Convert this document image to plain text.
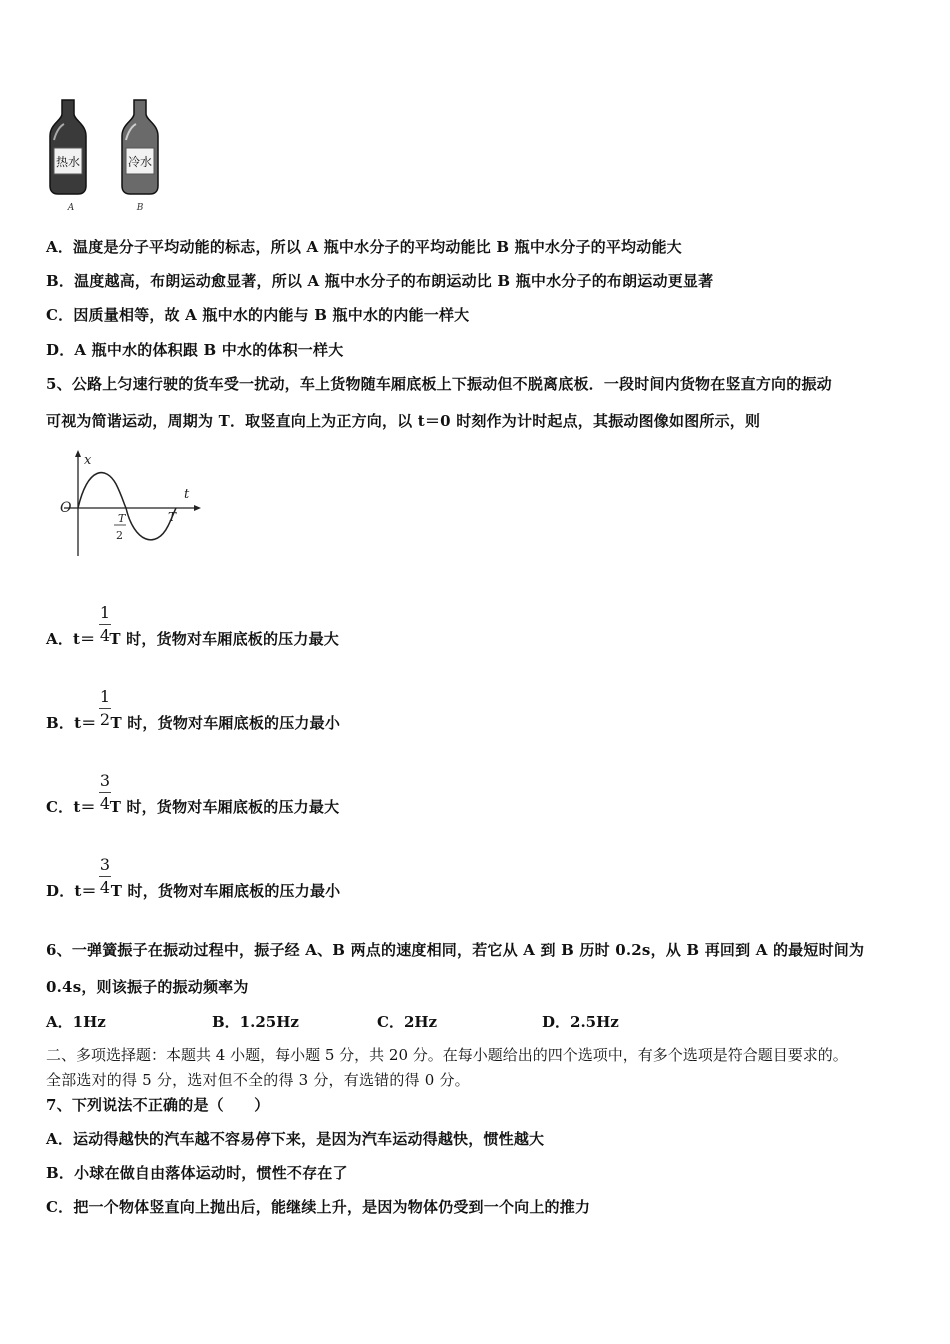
热水
A
冷水
B
A．温度是分子平均动能的标志，所以 A 瓶中水分子的平均动能比 B 瓶中水分子的平均动能大
B．温度越高，布朗运动愈显著，所以 A 瓶中水分子的布朗运动比 B 瓶中水分子的布朗运动更显著
C．因质量相等，故 A 瓶中水的内能与 B 瓶中水的内能一样大
D．A 瓶中水的体积跟 B 中水的体积一样大
5、公路上匀速行驶的货车受一扰动，车上货物随车厢底板上下振动但不脱离底板．一段时间内货物在竖直方向的振动
可视为简谐运动，周期为 T．取竖直向上为正方向，以 t＝0 时刻作为计时起点，其振动图像如图所示，则
x
t
O
T
2
T
A．t＝ T 时，货物对车厢底板的压力最大
1
4
B．t＝ T 时，货物对车厢底板的压力最小
1
2
C．t＝ T 时，货物对车厢底板的压力最大
3
4
D．t＝ T 时，货物对车厢底板的压力最小
3
4
6、一弹簧振子在振动过程中，振子经 A、B 两点的速度相同，若它从 A 到 B 历时 0.2s，从 B 再回到 A 的最短时间为
0.4s，则该振子的振动频率为
A．1Hz	B．1.25Hz	C．2Hz	D．2.5Hz
二、多项选择题：本题共 4 小题，每小题 5 分，共 20 分。在每小题给出的四个选项中，有多个选项是符合题目要求的。
全部选对的得 5 分，选对但不全的得 3 分，有选错的得 0 分。
7、下列说法不正确的是（　　）
A．运动得越快的汽车越不容易停下来，是因为汽车运动得越快，惯性越大
B．小球在做自由落体运动时，惯性不存在了
C．把一个物体竖直向上抛出后，能继续上升，是因为物体仍受到一个向上的推力
